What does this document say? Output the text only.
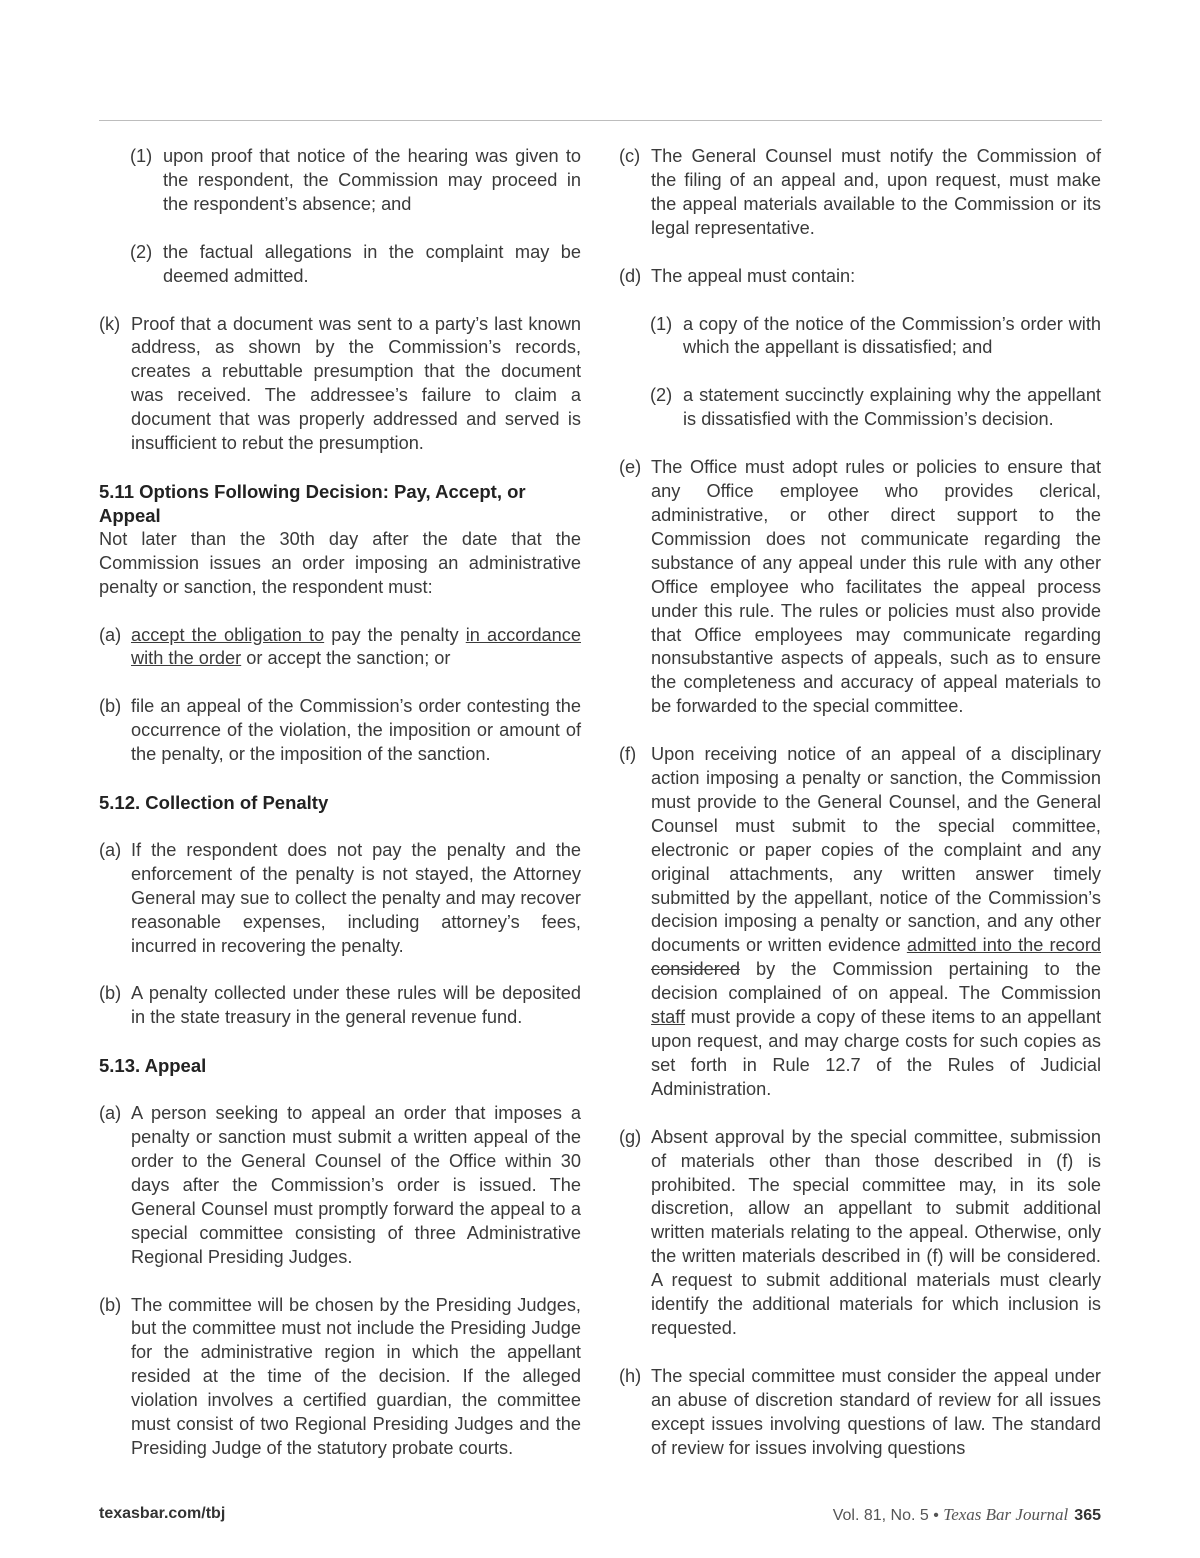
(1) upon proof that notice of the hearing was given to the respondent, the Commission may proceed in the respondent’s absence; and
(2) the factual allegations in the complaint may be deemed admitted.
(k) Proof that a document was sent to a party’s last known address, as shown by the Commission’s records, creates a rebuttable presumption that the document was received. The addressee’s failure to claim a document that was properly addressed and served is insufficient to rebut the presumption.
5.11 Options Following Decision: Pay, Accept, or Appeal
Not later than the 30th day after the date that the Commission issues an order imposing an administrative penalty or sanction, the respondent must:
(a) accept the obligation to pay the penalty in accordance with the order or accept the sanction; or
(b) file an appeal of the Commission’s order contesting the occurrence of the violation, the imposition or amount of the penalty, or the imposition of the sanction.
5.12. Collection of Penalty
(a) If the respondent does not pay the penalty and the enforcement of the penalty is not stayed, the Attorney General may sue to collect the penalty and may recover reasonable expenses, including attorney’s fees, incurred in recovering the penalty.
(b) A penalty collected under these rules will be deposited in the state treasury in the general revenue fund.
5.13. Appeal
(a) A person seeking to appeal an order that imposes a penalty or sanction must submit a written appeal of the order to the General Counsel of the Office within 30 days after the Commission’s order is issued. The General Counsel must promptly forward the appeal to a special committee consisting of three Administrative Regional Presiding Judges.
(b) The committee will be chosen by the Presiding Judges, but the committee must not include the Presiding Judge for the administrative region in which the appellant resided at the time of the decision. If the alleged violation involves a certified guardian, the committee must consist of two Regional Presiding Judges and the Presiding Judge of the statutory probate courts.
(c) The General Counsel must notify the Commission of the filing of an appeal and, upon request, must make the appeal materials available to the Commission or its legal representative.
(d) The appeal must contain:
(1) a copy of the notice of the Commission’s order with which the appellant is dissatisfied; and
(2) a statement succinctly explaining why the appellant is dissatisfied with the Commission’s decision.
(e) The Office must adopt rules or policies to ensure that any Office employee who provides clerical, administrative, or other direct support to the Commission does not communicate regarding the substance of any appeal under this rule with any other Office employee who facilitates the appeal process under this rule. The rules or policies must also provide that Office employees may communicate regarding nonsubstantive aspects of appeals, such as to ensure the completeness and accuracy of appeal materials to be forwarded to the special committee.
(f) Upon receiving notice of an appeal of a disciplinary action imposing a penalty or sanction, the Commission must provide to the General Counsel, and the General Counsel must submit to the special committee, electronic or paper copies of the complaint and any original attachments, any written answer timely submitted by the appellant, notice of the Commission’s decision imposing a penalty or sanction, and any other documents or written evidence admitted into the record considered by the Commission pertaining to the decision complained of on appeal. The Commission staff must provide a copy of these items to an appellant upon request, and may charge costs for such copies as set forth in Rule 12.7 of the Rules of Judicial Administration.
(g) Absent approval by the special committee, submission of materials other than those described in (f) is prohibited. The special committee may, in its sole discretion, allow an appellant to submit additional written materials relating to the appeal. Otherwise, only the written materials described in (f) will be considered. A request to submit additional materials must clearly identify the additional materials for which inclusion is requested.
(h) The special committee must consider the appeal under an abuse of discretion standard of review for all issues except issues involving questions of law. The standard of review for issues involving questions
texasbar.com/tbj	Vol. 81, No. 5 • Texas Bar Journal 365
